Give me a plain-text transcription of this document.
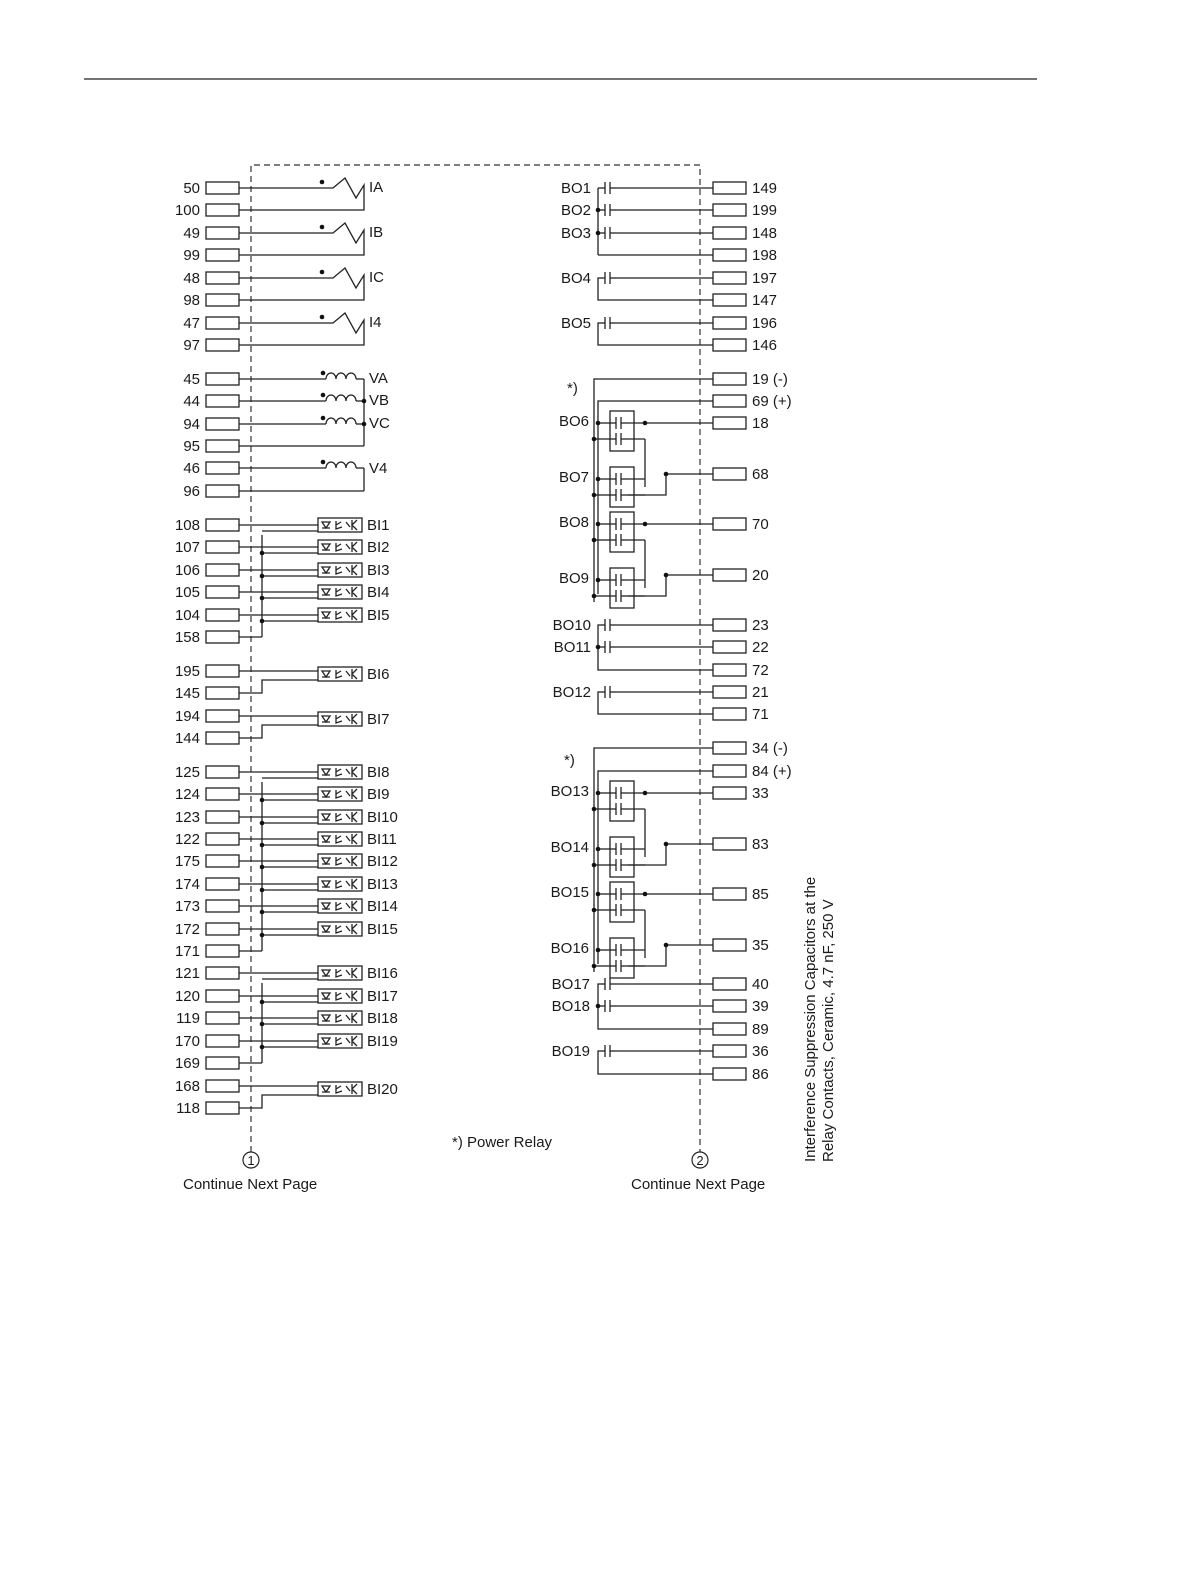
50
100
49
99
48
98
47
97
45
44
94
95
46
96
108
107
106
105
104
158
195
145
194
144
125
124
123
122
175
174
173
172
171
121
120
119
170
169
168
118
IA
IB
IC
I4
VA
VB
VC
V4
BI1
BI2
BI3
BI4
BI5
BI6
BI7
BI8
BI9
BI10
BI11
BI12
BI13
BI14
BI15
BI16
BI17
BI18
BI19
BI20
149
199
148
198
197
147
196
146
19 (-)
69 (+)
18
68
70
20
23
22
72
21
71
34 (-)
84 (+)
33
83
85
35
40
39
89
36
86
BO1
BO2
BO3
BO4
BO5
BO6
BO7
BO8
BO9
BO13
BO14
BO15
BO16
BO10
BO11
BO12
BO17
BO18
BO19
1	2
Continue Next Page	Continue Next Page
*) Power Relay
*)
*)
Interference Suppression Capacitors at the Relay Contacts, Ceramic, 4.7 nF, 250 V
